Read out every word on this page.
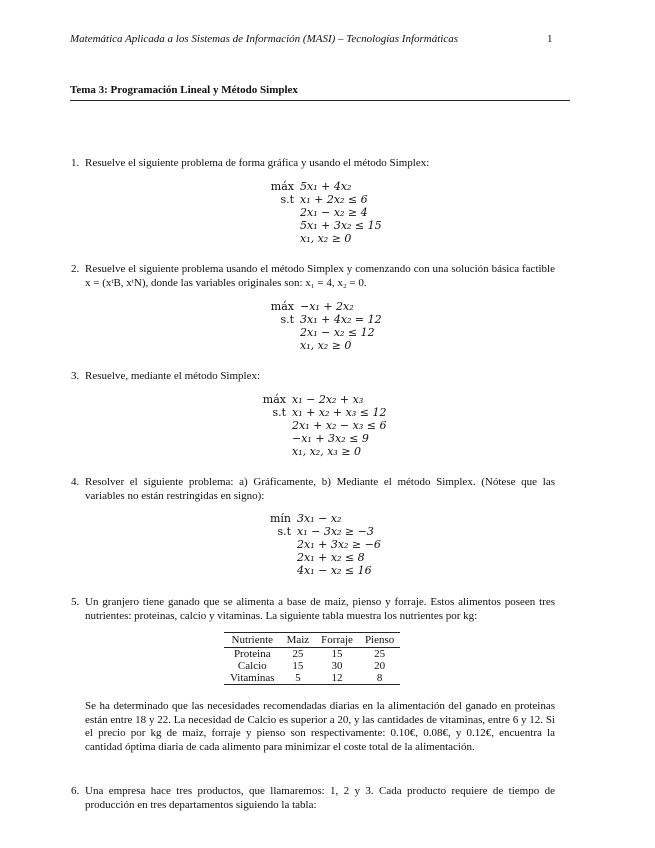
Matemática Aplicada a los Sistemas de Información (MASI) – Tecnologías Informáticas	1
Tema 3: Programación Lineal y Método Simplex
1. Resuelve el siguiente problema de forma gráfica y usando el método Simplex:
máx 5x₁ + 4x₂
s.t x₁ + 2x₂ ≤ 6
2x₁ − x₂ ≥ 4
5x₁ + 3x₂ ≤ 15
x₁, x₂ ≥ 0
2. Resuelve el siguiente problema usando el método Simplex y comenzando con una solución básica factible x = (xᵗB, xᵗN), donde las variables originales son: x₁ = 4, x₂ = 0.
máx −x₁ + 2x₂
s.t 3x₁ + 4x₂ = 12
2x₁ − x₂ ≤ 12
x₁, x₂ ≥ 0
3. Resuelve, mediante el método Simplex:
máx x₁ − 2x₂ + x₃
s.t x₁ + x₂ + x₃ ≤ 12
2x₁ + x₂ − x₃ ≤ 6
−x₁ + 3x₂ ≤ 9
x₁, x₂, x₃ ≥ 0
4. Resolver el siguiente problema: a) Gráficamente, b) Mediante el método Simplex. (Nótese que las variables no están restringidas en signo):
mín 3x₁ − x₂
s.t x₁ − 3x₂ ≥ −3
2x₁ + 3x₂ ≥ −6
2x₁ + x₂ ≤ 8
4x₁ − x₂ ≤ 16
5. Un granjero tiene ganado que se alimenta a base de maiz, pienso y forraje. Estos alimentos poseen tres nutrientes: proteinas, calcio y vitaminas. La siguiente tabla muestra los nutrientes por kg:
Nutriente	Maiz	Forraje	Pienso
Proteina	25	15	25
Calcio	15	30	20
Vitaminas	5	12	8
Se ha determinado que las necesidades recomendadas diarias en la alimentación del ganado en proteinas están entre 18 y 22. La necesidad de Calcio es superior a 20, y las cantidades de vitaminas, entre 6 y 12. Si el precio por kg de maiz, forraje y pienso son respectivamente: 0.10€, 0.08€, y 0.12€, encuentra la cantidad óptima diaria de cada alimento para minimizar el coste total de la alimentación.
6. Una empresa hace tres productos, que llamaremos: 1, 2 y 3. Cada producto requiere de tiempo de producción en tres departamentos siguiendo la tabla:
